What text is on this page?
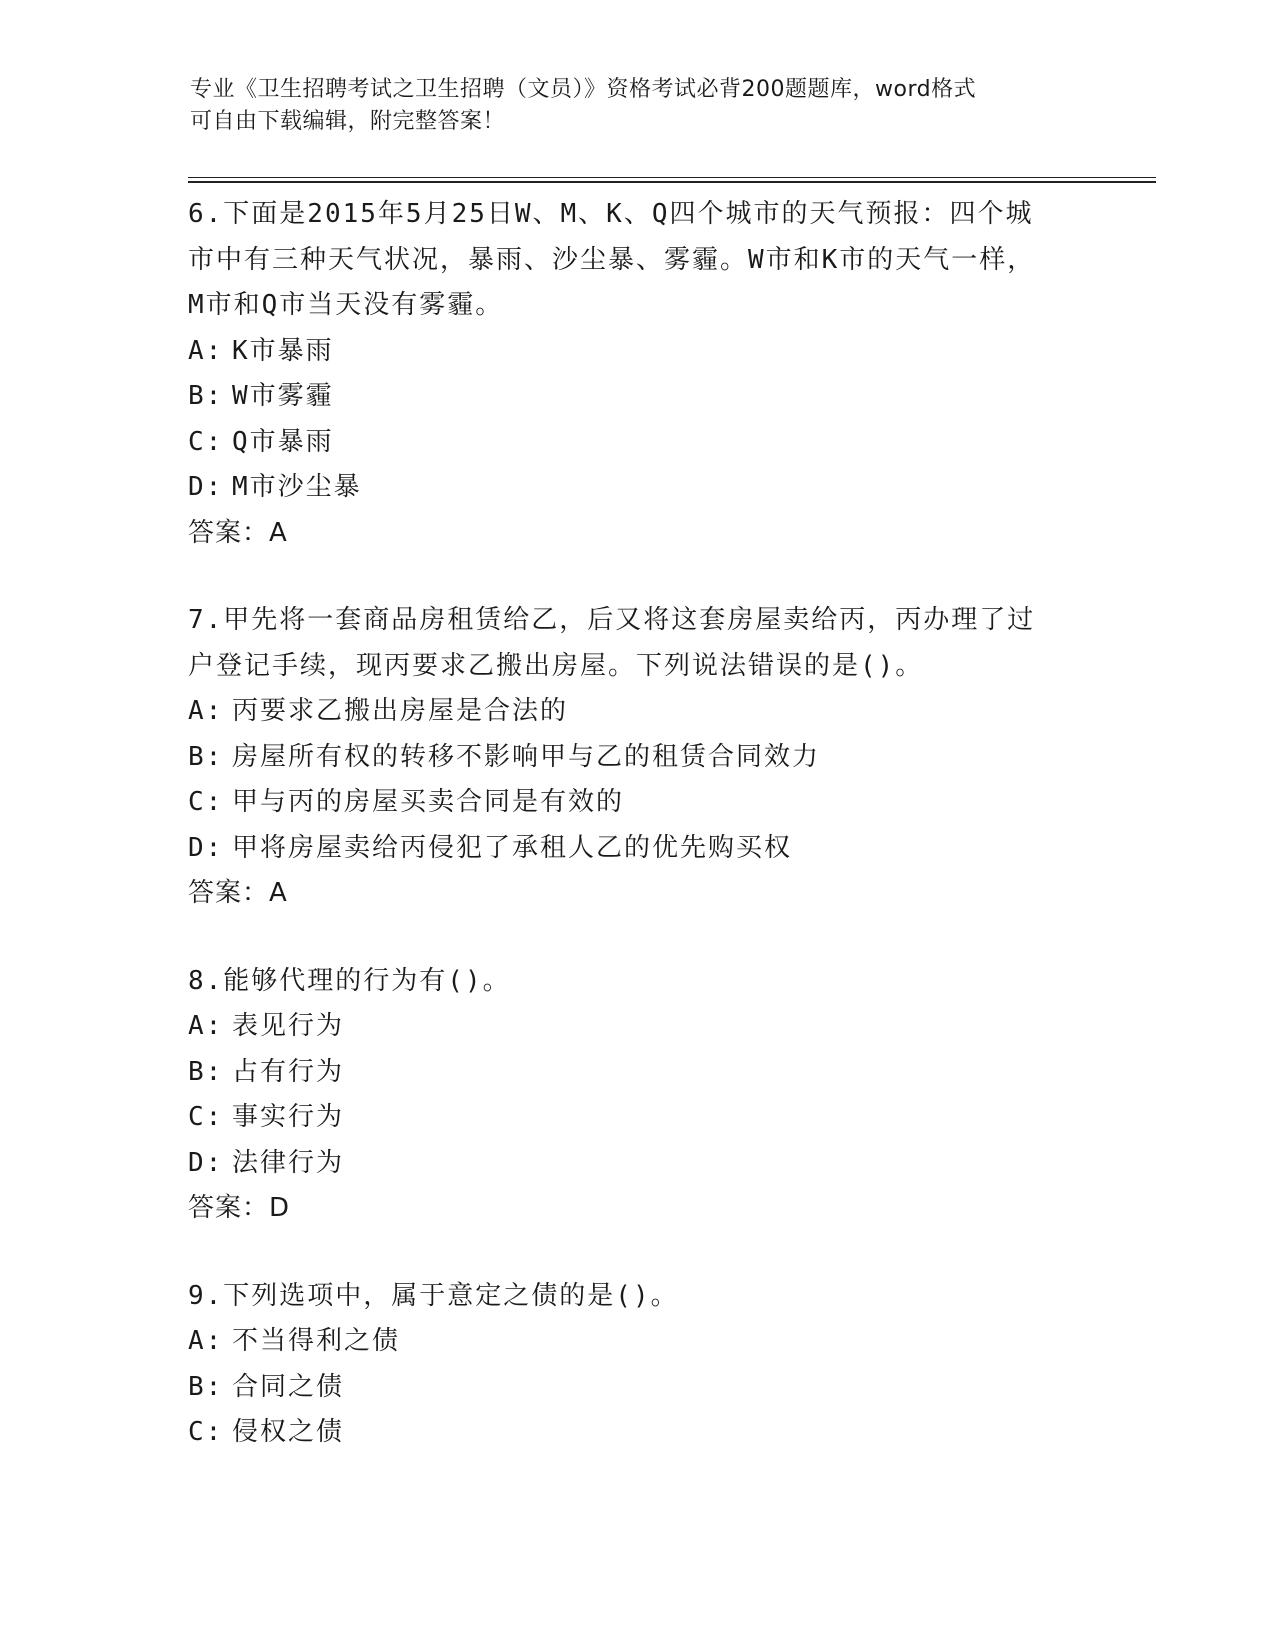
专业《卫生招聘考试之卫生招聘（文员）》资格考试必背200题题库，word格式
可自由下载编辑，附完整答案！
6.下面是2015年5月25日W、M、K、Q四个城市的天气预报：四个城
市中有三种天气状况，暴雨、沙尘暴、雾霾。W市和K市的天气一样，
M市和Q市当天没有雾霾。
A: K市暴雨
B: W市雾霾
C: Q市暴雨
D: M市沙尘暴
答案：A
7.甲先将一套商品房租赁给乙，后又将这套房屋卖给丙，丙办理了过
户登记手续，现丙要求乙搬出房屋。下列说法错误的是()。
A: 丙要求乙搬出房屋是合法的
B: 房屋所有权的转移不影响甲与乙的租赁合同效力
C: 甲与丙的房屋买卖合同是有效的
D: 甲将房屋卖给丙侵犯了承租人乙的优先购买权
答案：A
8.能够代理的行为有()。
A: 表见行为
B: 占有行为
C: 事实行为
D: 法律行为
答案：D
9.下列选项中，属于意定之债的是()。
A: 不当得利之债
B: 合同之债
C: 侵权之债
